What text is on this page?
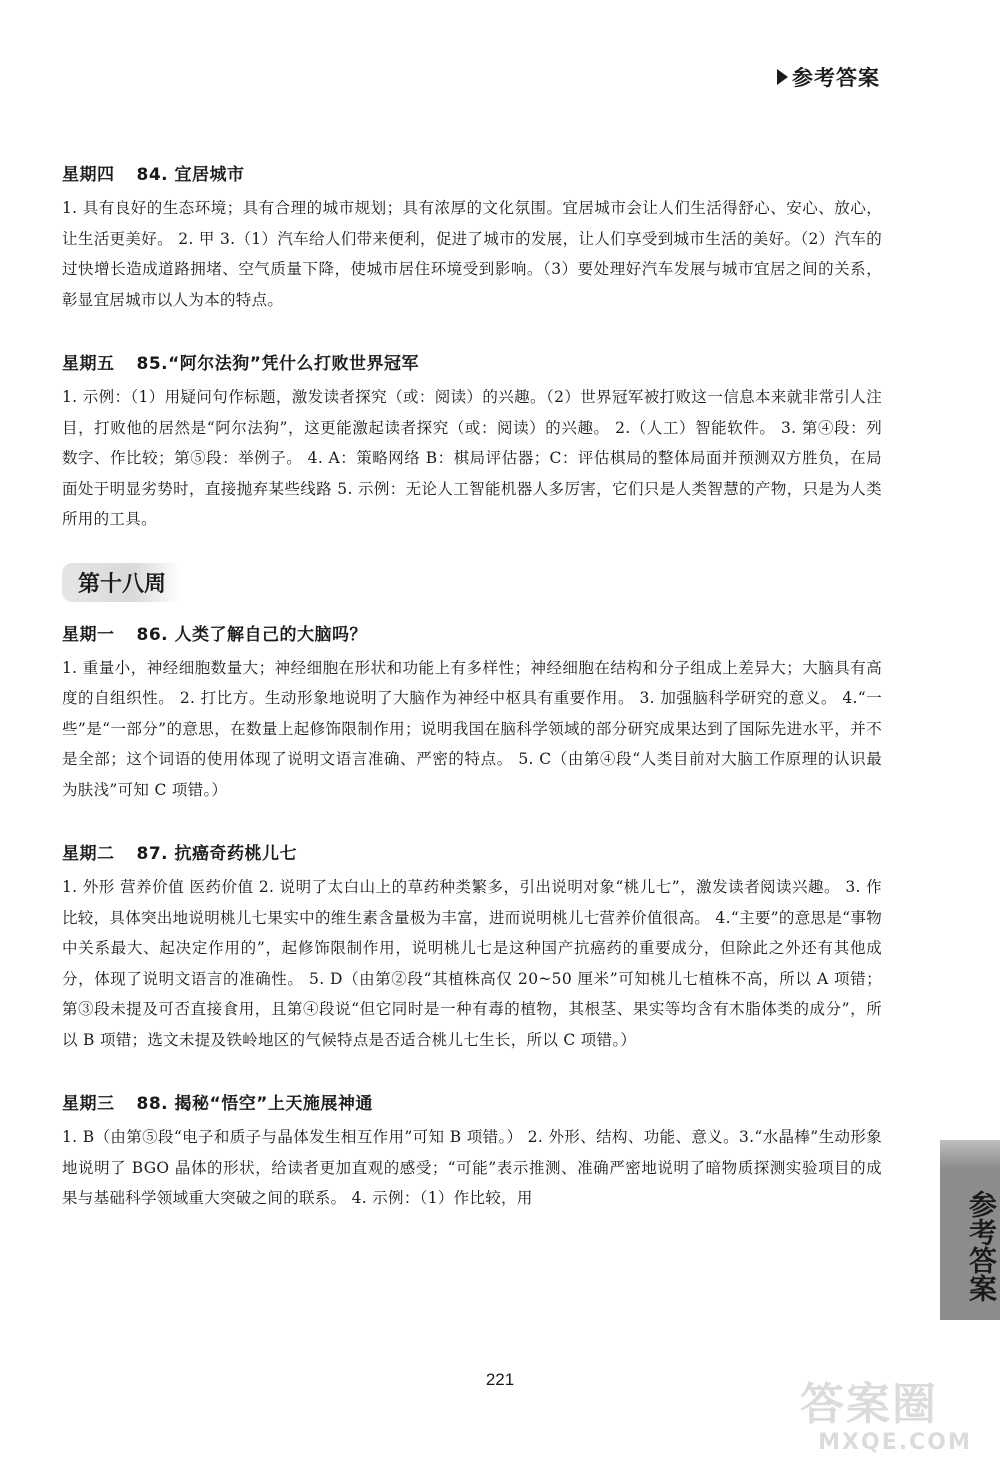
参考答案
星期四 84. 宜居城市
1. 具有良好的生态环境；具有合理的城市规划；具有浓厚的文化氛围。宜居城市会让人们生活得舒心、安心、放心，让生活更美好。 2. 甲 3.（1）汽车给人们带来便利，促进了城市的发展，让人们享受到城市生活的美好。（2）汽车的过快增长造成道路拥堵、空气质量下降，使城市居住环境受到影响。（3）要处理好汽车发展与城市宜居之间的关系，彰显宜居城市以人为本的特点。
星期五 85.“阿尔法狗”凭什么打败世界冠军
1. 示例：（1）用疑问句作标题，激发读者探究（或：阅读）的兴趣。（2）世界冠军被打败这一信息本来就非常引人注目，打败他的居然是“阿尔法狗”，这更能激起读者探究（或：阅读）的兴趣。 2.（人工）智能软件。 3. 第④段：列数字、作比较；第⑤段：举例子。 4. A：策略网络 B：棋局评估器；C：评估棋局的整体局面并预测双方胜负，在局面处于明显劣势时，直接抛弃某些线路 5. 示例：无论人工智能机器人多厉害，它们只是人类智慧的产物，只是为人类所用的工具。
第十八周
星期一 86. 人类了解自己的大脑吗？
1. 重量小，神经细胞数量大；神经细胞在形状和功能上有多样性；神经细胞在结构和分子组成上差异大；大脑具有高度的自组织性。 2. 打比方。生动形象地说明了大脑作为神经中枢具有重要作用。 3. 加强脑科学研究的意义。 4.“一些”是“一部分”的意思，在数量上起修饰限制作用；说明我国在脑科学领域的部分研究成果达到了国际先进水平，并不是全部；这个词语的使用体现了说明文语言准确、严密的特点。 5. C（由第④段“人类目前对大脑工作原理的认识最为肤浅”可知 C 项错。）
星期二 87. 抗癌奇药桃儿七
1. 外形 营养价值 医药价值 2. 说明了太白山上的草药种类繁多，引出说明对象“桃儿七”，激发读者阅读兴趣。 3. 作比较，具体突出地说明桃儿七果实中的维生素含量极为丰富，进而说明桃儿七营养价值很高。 4.“主要”的意思是“事物中关系最大、起决定作用的”，起修饰限制作用，说明桃儿七是这种国产抗癌药的重要成分，但除此之外还有其他成分，体现了说明文语言的准确性。 5. D（由第②段“其植株高仅 20~50 厘米”可知桃儿七植株不高，所以 A 项错；第③段未提及可否直接食用，且第④段说“但它同时是一种有毒的植物，其根茎、果实等均含有木脂体类的成分”，所以 B 项错；选文未提及铁岭地区的气候特点是否适合桃儿七生长，所以 C 项错。）
星期三 88. 揭秘“悟空”上天施展神通
1. B（由第⑤段“电子和质子与晶体发生相互作用”可知 B 项错。） 2. 外形、结构、功能、意义。3.“水晶棒”生动形象地说明了 BGO 晶体的形状，给读者更加直观的感受；“可能”表示推测、准确严密地说明了暗物质探测实验项目的成果与基础科学领域重大突破之间的联系。 4. 示例：（1）作比较，用	参考答案
221	答案圈
MXQE.COM
